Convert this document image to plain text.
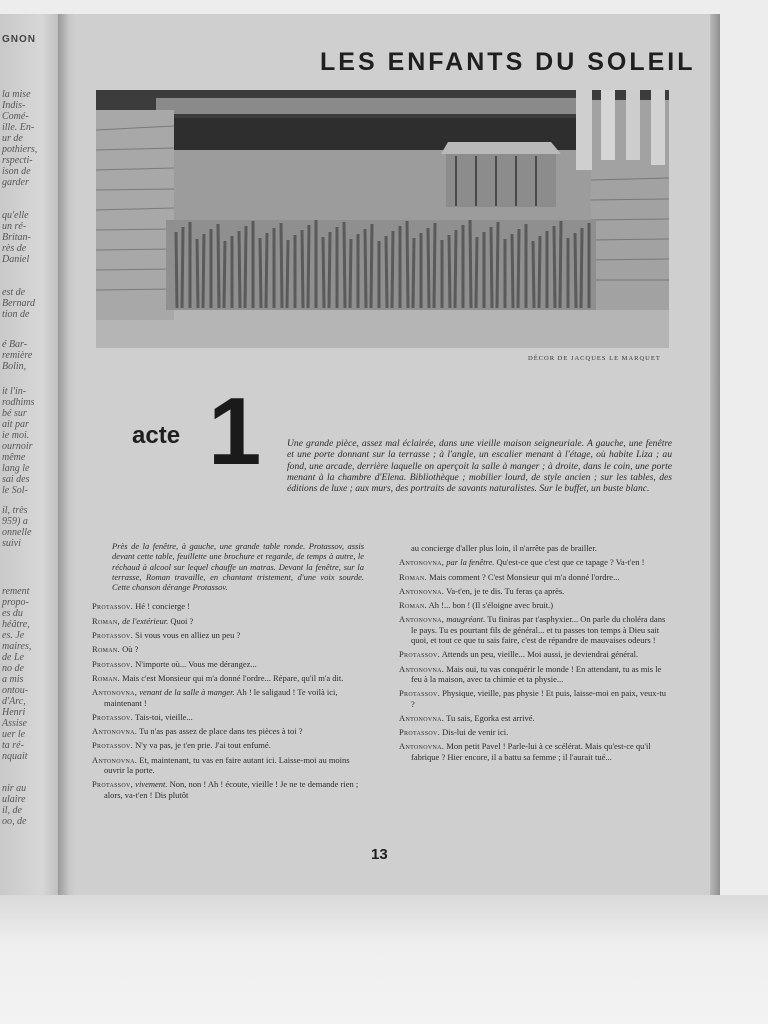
GNON
la mise
Indis-
Comé-
ille. En-
ur de
pothiers,
rspecti-
ison de
garder
qu'elle
un ré-
Britan-
rès de
Daniel
est de
Bernard
tion de
é Bar-
remière
Bolin,
it l'in-
rodhims
bé sur
ait par
ie moi.
ournoir
même
lang le
sai des
le Sol-
il, très
959) a
onnelle
suivi
rement
propo-
es du
héâtre,
es. Je
maires,
de Le
no de
a mis
ontou-
d'Arc,
Henri
Assise
uer le
ta ré-
nquait
nir au
ulaire
il, de
oo, de
LES ENFANTS DU SOLEIL
DÉCOR DE JACQUES LE MARQUET
acte 1	Une grande pièce, assez mal éclairée, dans une vieille maison seigneuriale. A gauche, une fenêtre et une porte donnant sur la terrasse ; à l'angle, un escalier menant à l'étage, où habite Liza ; au fond, une arcade, derrière laquelle on aperçoit la salle à manger ; à droite, dans le coin, une porte menant à la chambre d'Elena. Bibliothèque ; mobilier lourd, de style ancien ; sur les tables, des éditions de luxe ; aux murs, des portraits de savants naturalistes. Sur le buffet, un buste blanc.

Près de la fenêtre, à gauche, une grande table ronde. Protassov, assis devant cette table, feuillette une brochure et regarde, de temps à autre, le réchaud à alcool sur lequel chauffe un matras. Devant la fenêtre, sur la terrasse, Roman travaille, en chantant tristement, d'une voix sourde. Cette chanson dérange Protassov.

Protassov. Hé ! concierge !

Roman, de l'extérieur. Quoi ?

Protassov. Si vous vous en alliez un peu ?

Roman. Où ?

Protassov. N'importe où... Vous me dérangez...

Roman. Mais c'est Monsieur qui m'a donné l'ordre... Répare, qu'il m'a dit.

Antonovna, venant de la salle à manger. Ah ! le saligaud ! Te voilà ici, maintenant !

Protassov. Tais-toi, vieille...

Antonovna. Tu n'as pas assez de place dans tes pièces à toi ?

Protassov. N'y va pas, je t'en prie. J'ai tout enfumé.

Antonovna. Et, maintenant, tu vas en faire autant ici. Laisse-moi au moins ouvrir la porte.

Protassov, vivement. Non, non ! Ah ! écoute, vieille ! Je ne te demande rien ; alors, va-t'en ! Dis plutôt

au concierge d'aller plus loin, il n'arrête pas de brailler.

Antonovna, par la fenêtre. Qu'est-ce que c'est que ce tapage ? Va-t'en !

Roman. Mais comment ? C'est Monsieur qui m'a donné l'ordre...

Antonovna. Va-t'en, je te dis. Tu feras ça après.

Roman. Ah !... bon ! (Il s'éloigne avec bruit.)

Antonovna, maugréant. Tu finiras par t'asphyxier... On parle du choléra dans le pays. Tu es pourtant fils de général... et tu passes ton temps à Dieu sait quoi, et tout ce que tu sais faire, c'est de répandre de mauvaises odeurs !

Protassov. Attends un peu, vieille... Moi aussi, je deviendrai général.

Antonovna. Mais oui, tu vas conquérir le monde ! En attendant, tu as mis le feu à la maison, avec ta chimie et ta physie...

Protassov. Physique, vieille, pas physie ! Et puis, laisse-moi en paix, veux-tu ?

Antonovna. Tu sais, Egorka est arrivé.

Protassov. Dis-lui de venir ici.

Antonovna. Mon petit Pavel ! Parle-lui à ce scélérat. Mais qu'est-ce qu'il fabrique ? Hier encore, il a battu sa femme ; il l'aurait tué...

13
